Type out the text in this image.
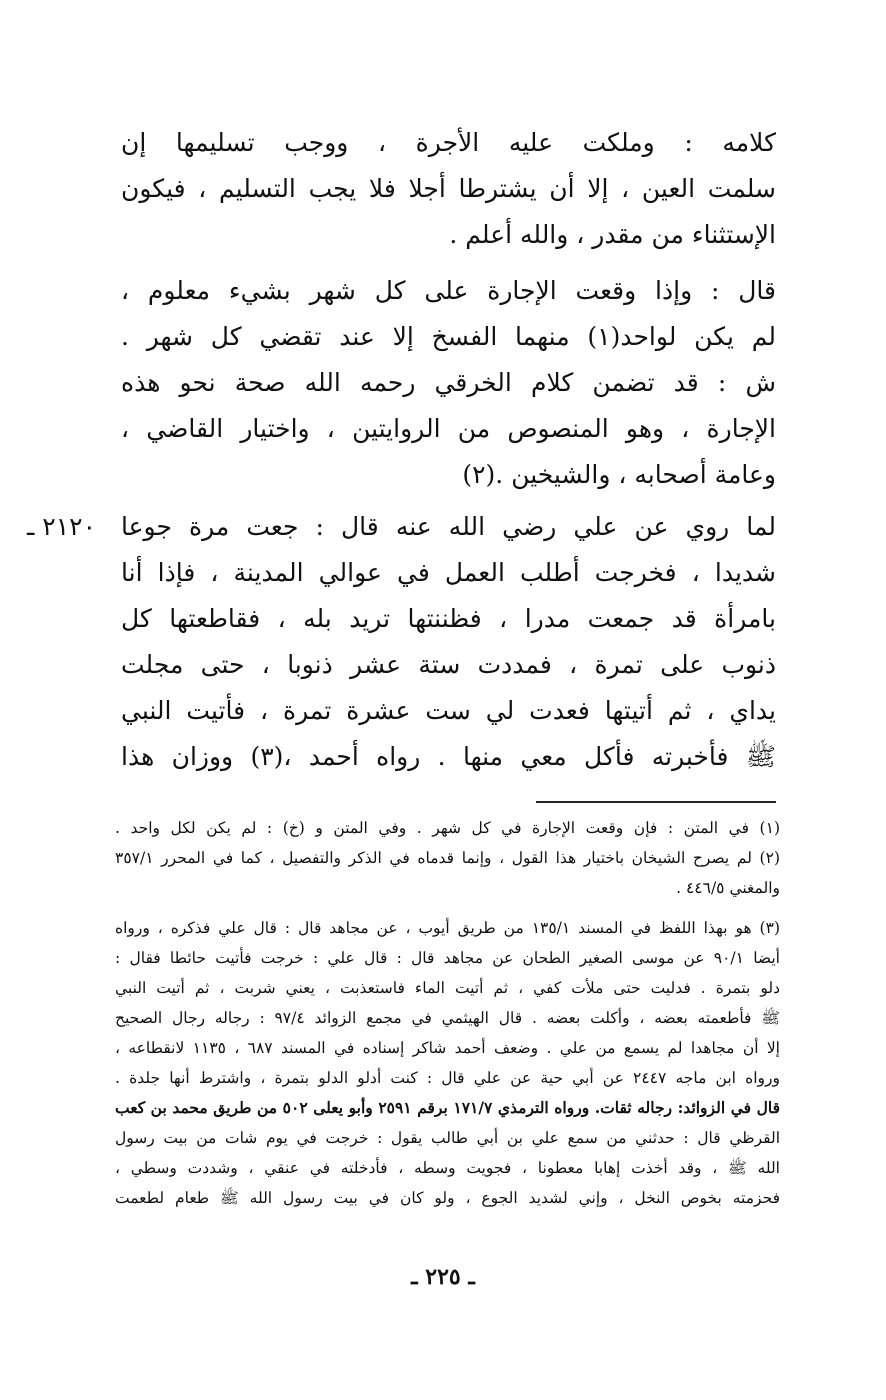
كلامه : وملكت عليه الأجرة ، ووجب تسليمها إن
سلمت العين ، إلا أن يشترطا أجلا فلا يجب التسليم ، فيكون
الإستثناء من مقدر ، والله أعلم .
قال : وإذا وقعت الإجارة على كل شهر بشيء معلوم ،
لم يكن لواحد(١) منهما الفسخ إلا عند تقضي كل شهر .
ش : قد تضمن كلام الخرقي رحمه الله صحة نحو هذه
الإجارة ، وهو المنصوص من الروايتين ، واختيار القاضي ،
وعامة أصحابه ، والشيخين .(٢)
٢١٢٠ ـ لما روي عن علي رضي الله عنه قال : جعت مرة جوعا
شديدا ، فخرجت أطلب العمل في عوالي المدينة ، فإذا أنا
بامرأة قد جمعت مدرا ، فظننتها تريد بله ، فقاطعتها كل
ذنوب على تمرة ، فمددت ستة عشر ذنوبا ، حتى مجلت
يداي ، ثم أتيتها فعدت لي ست عشرة تمرة ، فأتيت النبي
ﷺ فأخبرته فأكل معي منها . رواه أحمد ،(٣) ووزان هذا
(١) في المتن : فإن وقعت الإجارة في كل شهر . وفي المتن و (خ) : لم يكن لكل واحد .
(٢) لم يصرح الشيخان باختيار هذا القول ، وإنما قدماه في الذكر والتفصيل ، كما في المحرر ٣٥٧/١
والمغني ٤٤٦/٥ .
(٣) هو بهذا اللفظ في المسند ١٣٥/١ من طريق أيوب ، عن مجاهد قال : قال علي فذكره ، ورواه
أيضا ٩٠/١ عن موسى الصغير الطحان عن مجاهد قال : قال علي : خرجت فأتيت حائطا فقال :
دلو بتمرة . فدليت حتى ملأت كفي ، ثم أتيت الماء فاستعذبت ، يعني شربت ، ثم أتيت النبي
ﷺ فأطعمته بعضه ، وأكلت بعضه . قال الهيثمي في مجمع الزوائد ٩٧/٤ : رجاله رجال الصحيح
إلا أن مجاهدا لم يسمع من علي . وضعف أحمد شاكر إسناده في المسند ٦٨٧ ، ١١٣٥ لانقطاعه ،
ورواه ابن ماجه ٢٤٤٧ عن أبي حية عن علي قال : كنت أدلو الدلو بتمرة ، واشترط أنها جلدة .
قال في الزوائد: رجاله ثقات. ورواه الترمذي ١٧١/٧ برقم ٢٥٩١ وأبو يعلى ٥٠٢ من طريق محمد بن كعب
القرظي قال : حدثني من سمع علي بن أبي طالب يقول : خرجت في يوم شات من بيت رسول
الله ﷺ ، وقد أخذت إهابا معطونا ، فجويت وسطه ، فأدخلته في عنقي ، وشددت وسطي ،
فحزمته بخوص النخل ، وإني لشديد الجوع ، ولو كان في بيت رسول الله ﷺ طعام لطعمت
ـ ٢٢٥ ـ
